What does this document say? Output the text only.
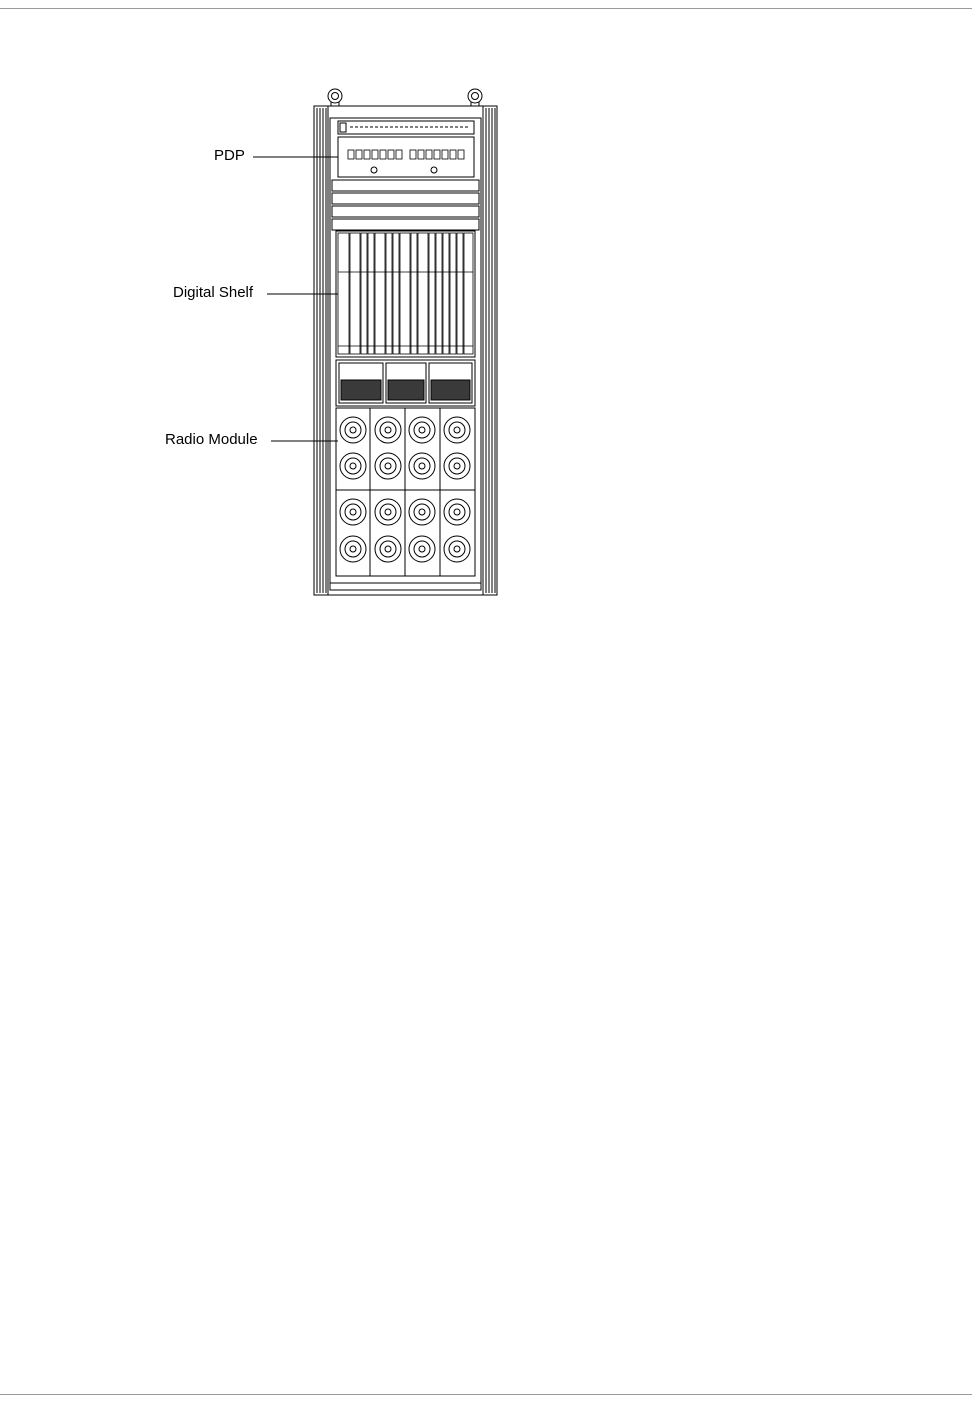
PDP
Digital Shelf
Radio Module
